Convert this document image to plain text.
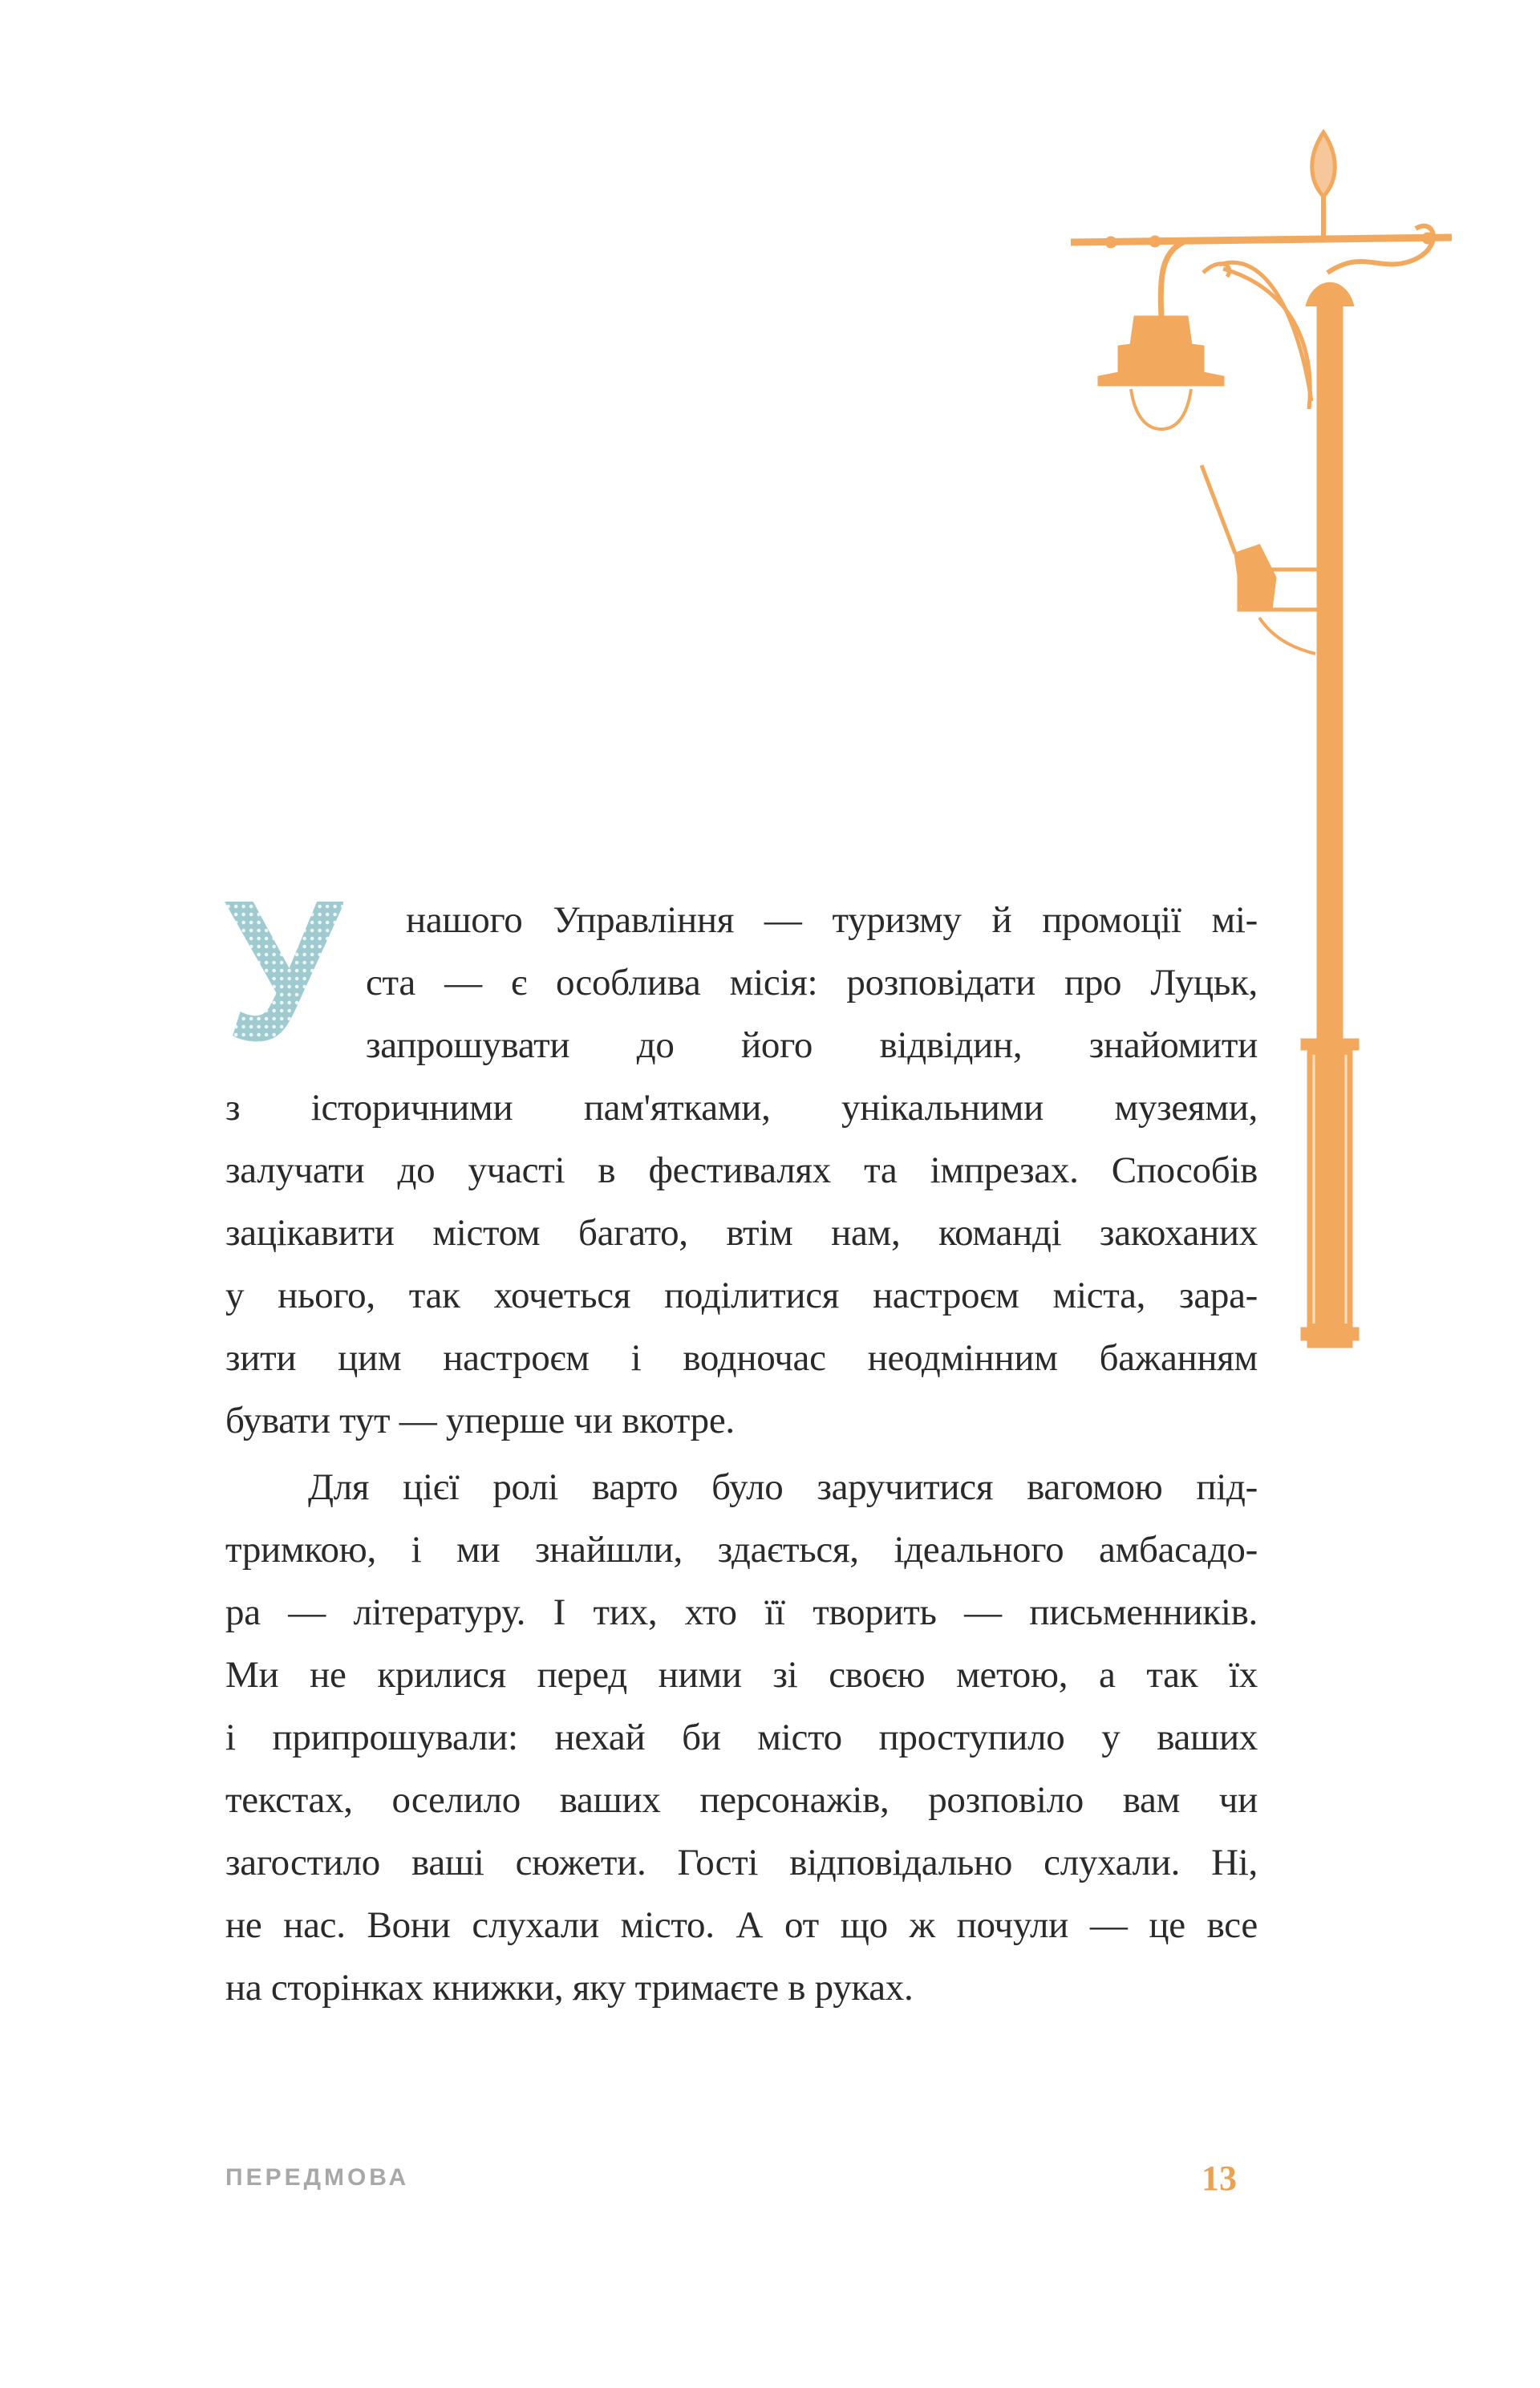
У нашого Управління — туризму й промоції мі-
ста — є особлива місія: розповідати про Луцьк,
запрошувати до його відвідин, знайомити
з історичними пам'ятками, унікальними музеями,
залучати до участі в фестивалях та імпрезах. Способів
зацікавити містом багато, втім нам, команді закоханих
у нього, так хочеться поділитися настроєм міста, зара-
зити цим настроєм і водночас неодмінним бажанням
бувати тут — уперше чи вкотре.
Для цієї ролі варто було заручитися вагомою під-
тримкою, і ми знайшли, здається, ідеального амбасадо-
ра — літературу. І тих, хто її творить — письменників.
Ми не крилися перед ними зі своєю метою, а так їх
і припрошували: нехай би місто проступило у ваших
текстах, оселило ваших персонажів, розповіло вам чи
загостило ваші сюжети. Гості відповідально слухали. Ні,
не нас. Вони слухали місто. А от що ж почули — це все
на сторінках книжки, яку тримаєте в руках.
ПЕРЕДМОВА	13
